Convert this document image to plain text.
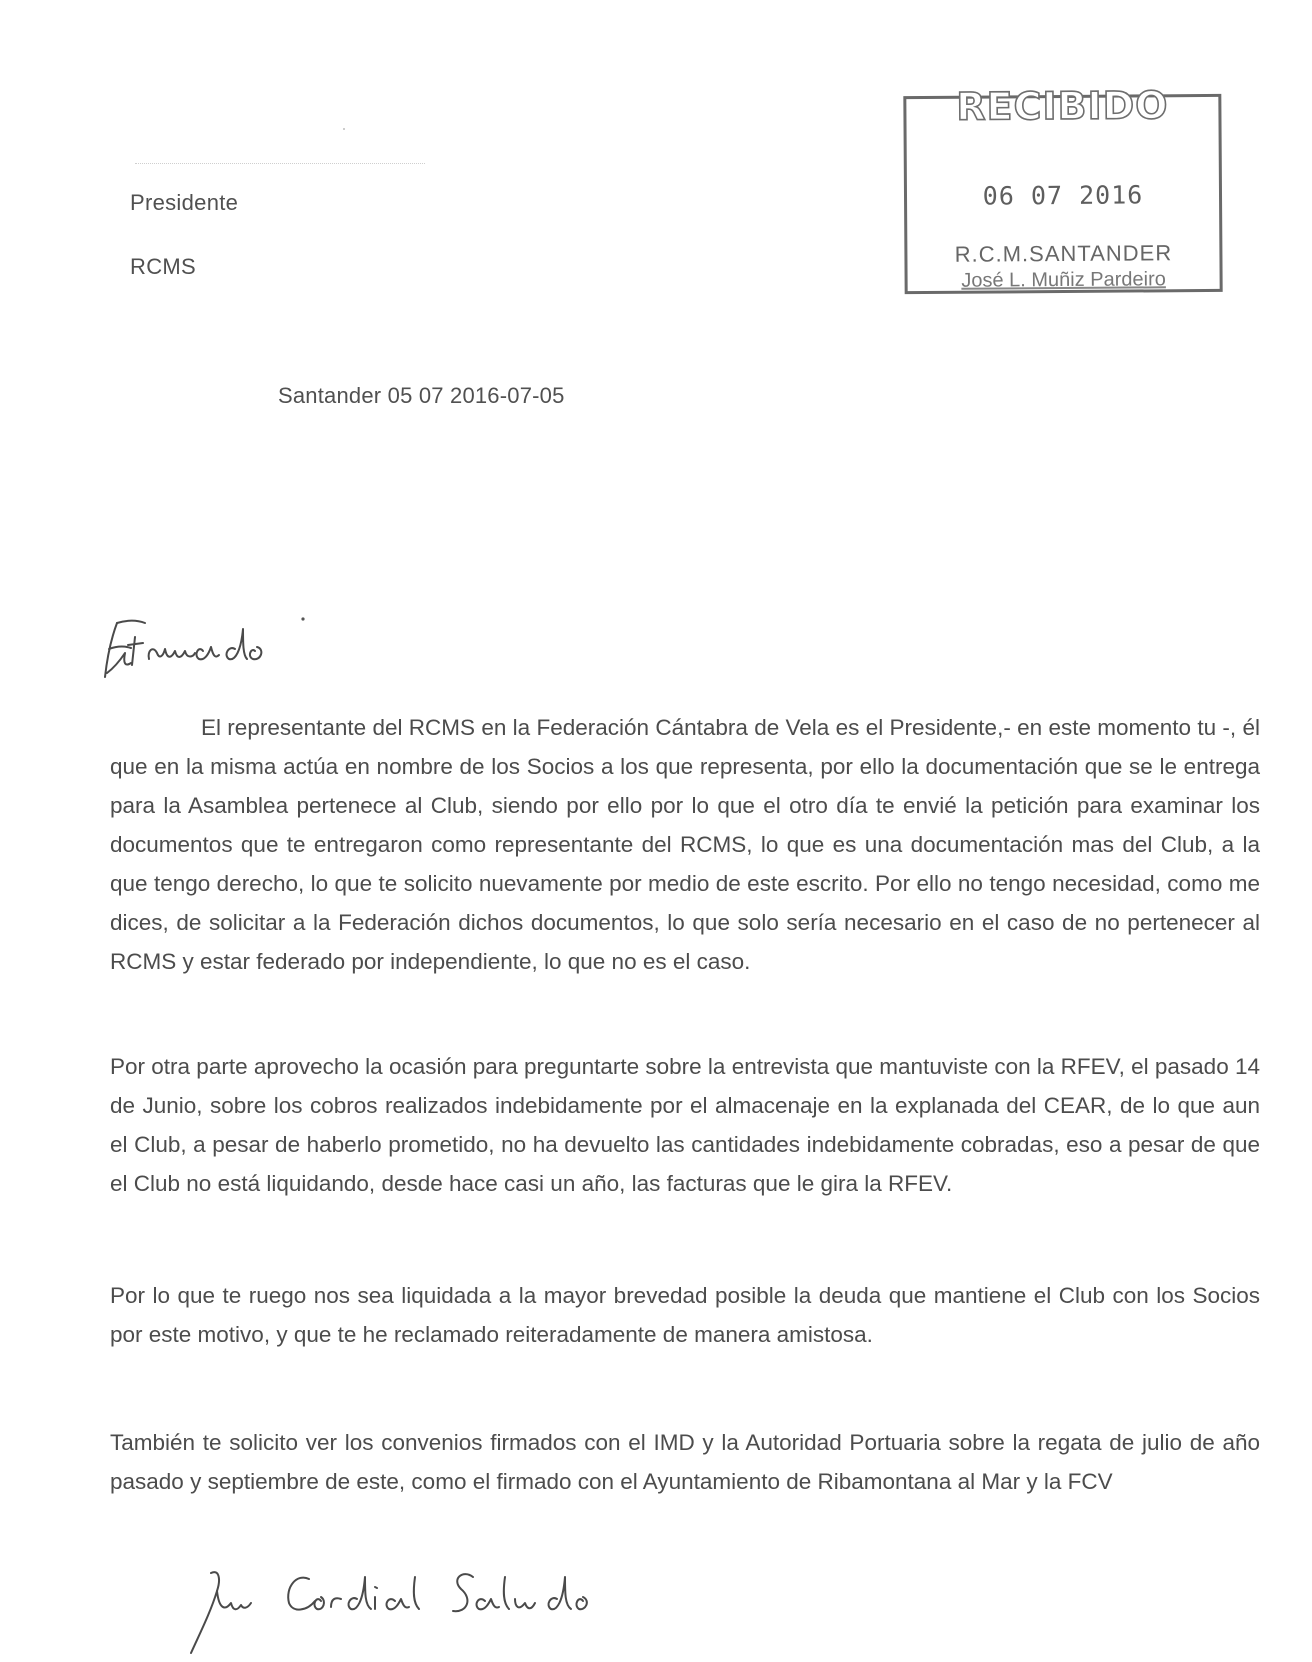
Presidente
RCMS
RECIBIDO
06 07 2016
R.C.M.SANTANDER
José L. Muñiz Pardeiro
Santander 05 07 2016-07-05

El representante del RCMS en la Federación Cántabra de Vela es el Presidente,- en este momento tu -, él que en la misma actúa en nombre de los Socios a los que representa, por ello la documentación que se le entrega para la Asamblea pertenece al Club, siendo por ello por lo que el otro día te envié la petición para examinar los documentos que te entregaron como representante del RCMS, lo que es una documentación mas del Club, a la que tengo derecho, lo que te solicito nuevamente por medio de este escrito. Por ello no tengo necesidad, como me dices, de solicitar a la Federación dichos documentos, lo que solo sería necesario en el caso de no pertenecer al RCMS y estar federado por independiente, lo que no es el caso.

Por otra parte aprovecho la ocasión para preguntarte sobre la entrevista que mantuviste con la RFEV, el pasado 14 de Junio, sobre los cobros realizados indebidamente por el almacenaje en la explanada del CEAR, de lo que aun el Club, a pesar de haberlo prometido, no ha devuelto las cantidades indebidamente cobradas, eso a pesar de que el Club no está liquidando, desde hace casi un año, las facturas que le gira la RFEV.

Por lo que te ruego nos sea liquidada a la mayor brevedad posible la deuda que mantiene el Club con los Socios por este motivo, y que te he reclamado reiteradamente de manera amistosa.

También te solicito ver los convenios firmados con el IMD y la Autoridad Portuaria sobre la regata de julio de año pasado y septiembre de este, como el firmado con el Ayuntamiento de Ribamontana al Mar y la FCV
